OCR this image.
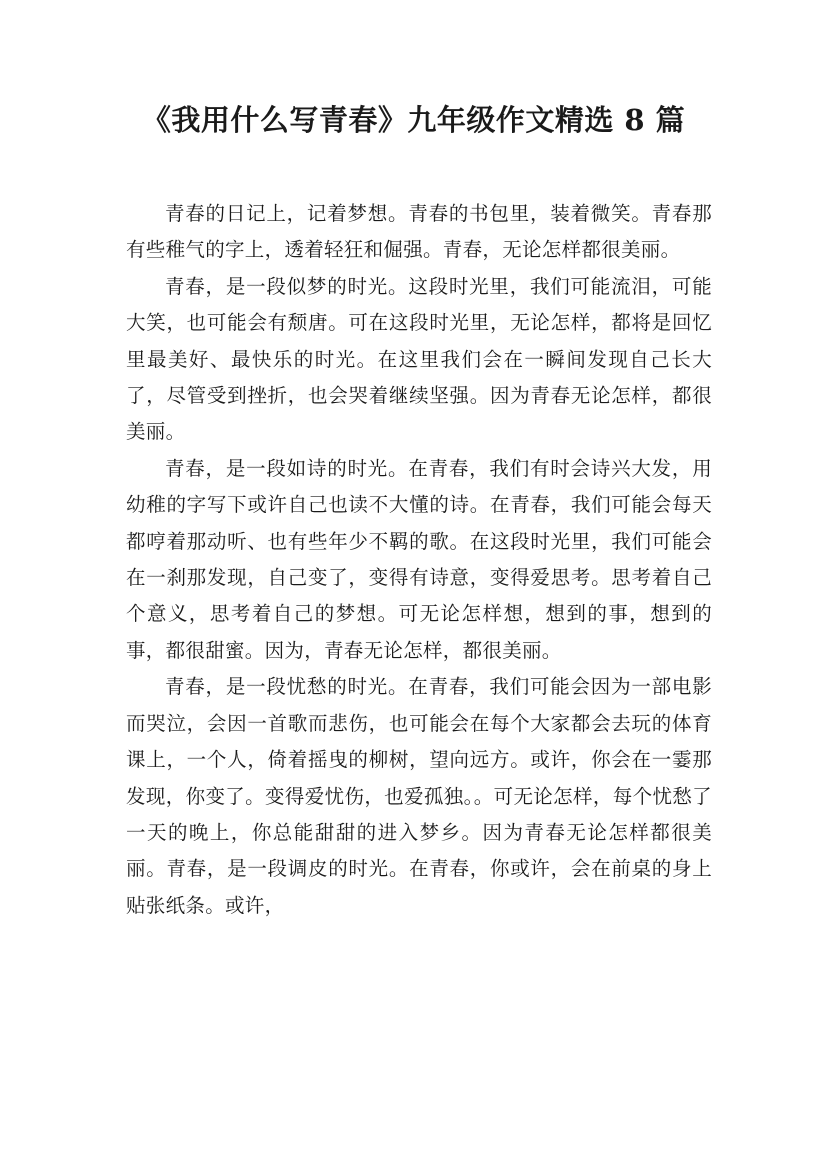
《我用什么写青春》九年级作文精选 8 篇

青春的日记上，记着梦想。青春的书包里，装着微笑。青春那有些稚气的字上，透着轻狂和倔强。青春，无论怎样都很美丽。

青春，是一段似梦的时光。这段时光里，我们可能流泪，可能大笑，也可能会有颓唐。可在这段时光里，无论怎样，都将是回忆里最美好、最快乐的时光。在这里我们会在一瞬间发现自己长大了，尽管受到挫折，也会哭着继续坚强。因为青春无论怎样，都很美丽。

青春，是一段如诗的时光。在青春，我们有时会诗兴大发，用幼稚的字写下或许自己也读不大懂的诗。在青春，我们可能会每天都哼着那动听、也有些年少不羁的歌。在这段时光里，我们可能会在一刹那发现，自己变了，变得有诗意，变得爱思考。思考着自己个意义，思考着自己的梦想。可无论怎样想，想到的事，想到的事，都很甜蜜。因为，青春无论怎样，都很美丽。

青春，是一段忧愁的时光。在青春，我们可能会因为一部电影而哭泣，会因一首歌而悲伤，也可能会在每个大家都会去玩的体育课上，一个人，倚着摇曳的柳树，望向远方。或许，你会在一霎那发现，你变了。变得爱忧伤，也爱孤独。。可无论怎样，每个忧愁了一天的晚上，你总能甜甜的进入梦乡。因为青春无论怎样都很美丽。青春，是一段调皮的时光。在青春，你或许，会在前桌的身上贴张纸条。或许，
